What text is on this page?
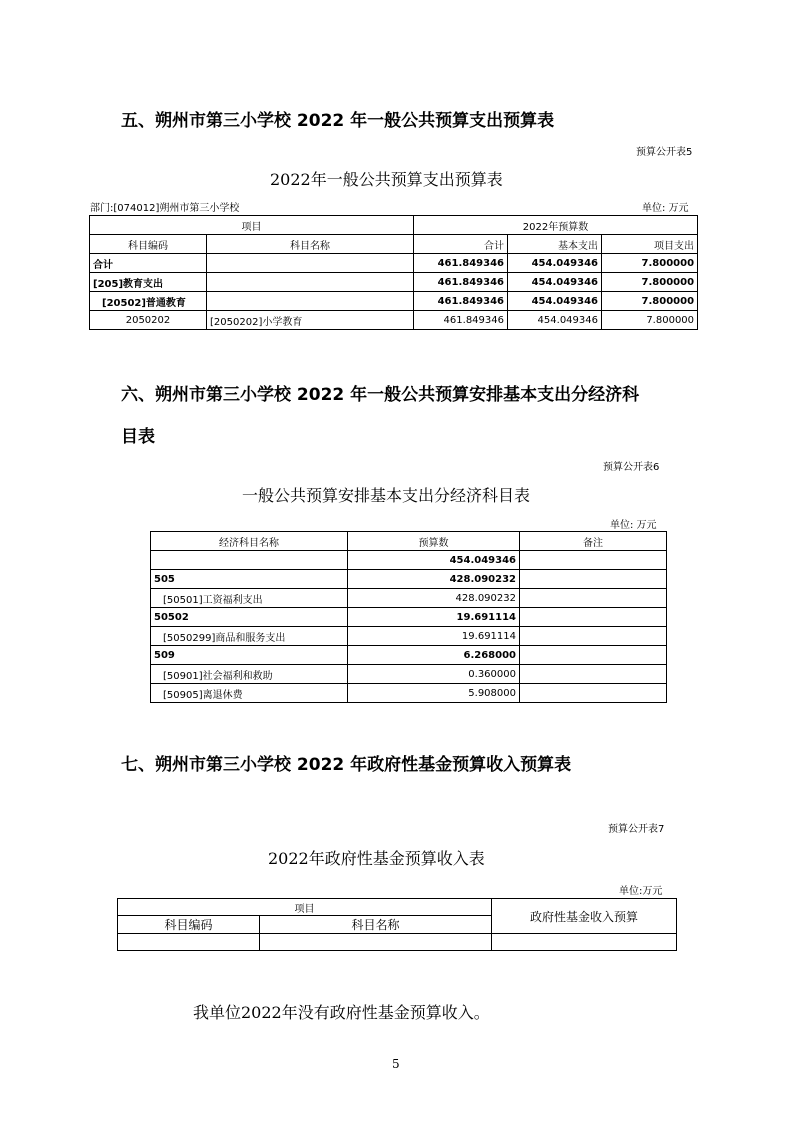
五、朔州市第三小学校 2022 年一般公共预算支出预算表
预算公开表5
2022年一般公共预算支出预算表
部门:[074012]朔州市第三小学校	单位: 万元
项目		2022年预算数		
科目编码	科目名称	合计	基本支出	项目支出
合计		461.849346	454.049346	7.800000
[205]教育支出		461.849346	454.049346	7.800000
[20502]普通教育		461.849346	454.049346	7.800000
2050202	[2050202]小学教育	461.849346	454.049346	7.800000
六、朔州市第三小学校 2022 年一般公共预算安排基本支出分经济科
目表
预算公开表6
一般公共预算安排基本支出分经济科目表
单位: 万元
经济科目名称	预算数	备注
	454.049346	
505	428.090232	
[50501]工资福利支出	428.090232	
50502	19.691114	
[5050299]商品和服务支出	19.691114	
509	6.268000	
[50901]社会福利和救助	0.360000	
[50905]离退休费	5.908000	
七、朔州市第三小学校 2022 年政府性基金预算收入预算表
预算公开表7
2022年政府性基金预算收入表
单位:万元
项目		政府性基金收入预算
科目编码	科目名称	

我单位2022年没有政府性基金预算收入。
5
